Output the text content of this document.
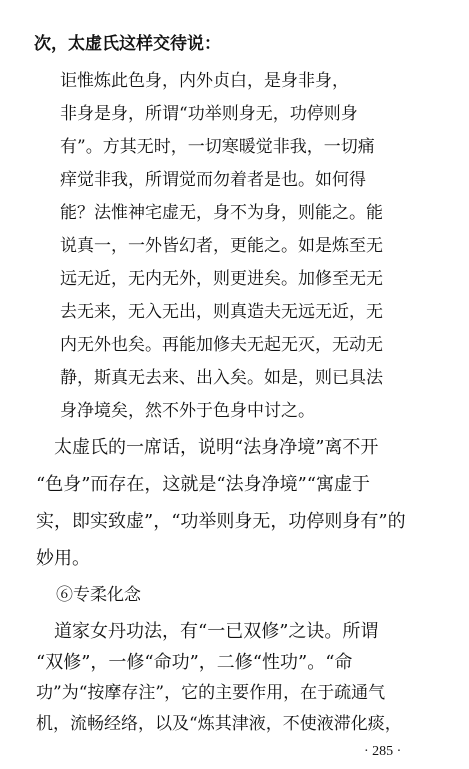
次，太虚氏这样交待说：
讵惟炼此色身，内外贞白，是身非身，
非身是身，所谓“功举则身无，功停则身
有”。方其无时，一切寒暖觉非我，一切痛
痒觉非我，所谓觉而勿着者是也。如何得
能？法惟神宅虚无，身不为身，则能之。能
说真一，一外皆幻者，更能之。如是炼至无
远无近，无内无外，则更进矣。加修至无无
去无来，无入无出，则真造夫无远无近，无
内无外也矣。再能加修夫无起无灭，无动无
静，斯真无去来、出入矣。如是，则已具法
身净境矣，然不外于色身中讨之。
太虚氏的一席话，说明“法身净境”离不开
“色身”而存在，这就是“法身净境”“寓虚于
实，即实致虚”，“功举则身无，功停则身有”的
妙用。
⑥专柔化念
道家女丹功法，有“一已双修”之诀。所谓
“双修”，一修“命功”，二修“性功”。“命
功”为“按摩存注”，它的主要作用，在于疏通气
机，流畅经络，以及“炼其津液，不使液滞化痰，
· 285 ·
